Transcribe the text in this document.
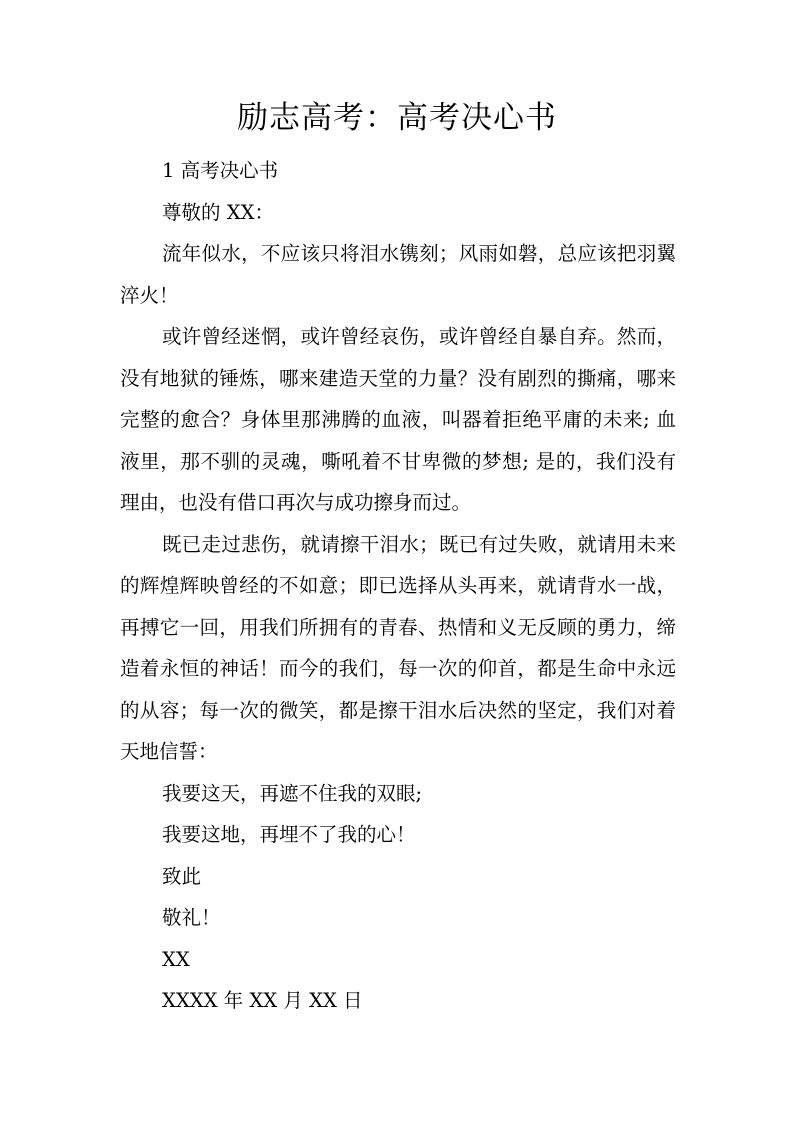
励志高考：高考决心书

1 高考决心书

尊敬的 XX：

流年似水，不应该只将泪水镌刻；风雨如磐，总应该把羽翼淬火！

或许曾经迷惘，或许曾经哀伤，或许曾经自暴自弃。然而，没有地狱的锤炼，哪来建造天堂的力量？没有剧烈的撕痛，哪来完整的愈合？身体里那沸腾的血液，叫器着拒绝平庸的未来; 血液里，那不驯的灵魂，嘶吼着不甘卑微的梦想; 是的，我们没有理由，也没有借口再次与成功擦身而过。

既已走过悲伤，就请擦干泪水；既已有过失败，就请用未来的辉煌辉映曾经的不如意；即已选择从头再来，就请背水一战，再搏它一回，用我们所拥有的青春、热情和义无反顾的勇力，缔造着永恒的神话！而今的我们，每一次的仰首，都是生命中永远的从容；每一次的微笑，都是擦干泪水后决然的坚定，我们对着天地信誓：

我要这天，再遮不住我的双眼;

我要这地，再埋不了我的心！

致此

敬礼！

XX

XXXX 年 XX 月 XX 日
